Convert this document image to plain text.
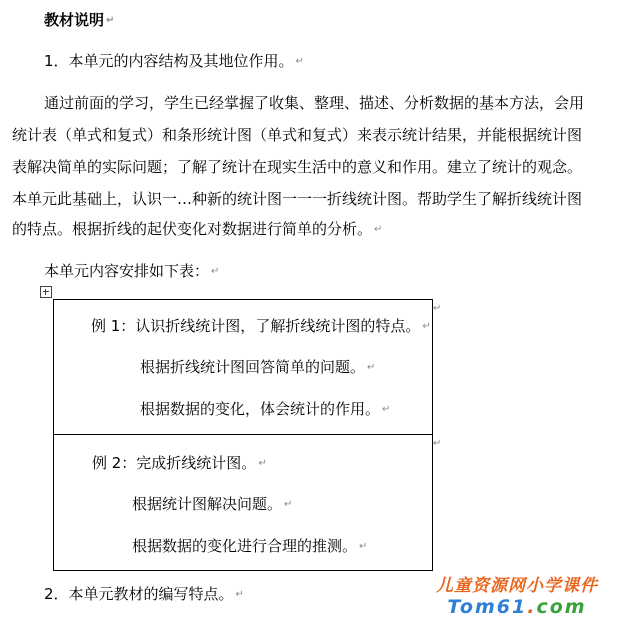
教材说明 ↵
1．本单元的内容结构及其地位作用。 ↵
通过前面的学习，学生已经掌握了收集、整理、描述、分析数据的基本方法，会用
统计表（单式和复式）和条形统计图（单式和复式）来表示统计结果，并能根据统计图
表解决简单的实际问题；了解了统计在现实生活中的意义和作用。建立了统计的观念。
本单元此基础上，认识一…种新的统计图一一一折线统计图。帮助学生了解折线统计图
的特点。根据折线的起伏变化对数据进行简单的分析。 ↵
本单元内容安排如下表： ↵
↵
↵
例 1：认识折线统计图，了解折线统计图的特点。 ↵
根据折线统计图回答简单的问题。 ↵
根据数据的变化，体会统计的作用。 ↵
例 2：完成折线统计图。 ↵
根据统计图解决问题。 ↵
根据数据的变化进行合理的推测。 ↵
2．本单元教材的编写特点。 ↵	儿童资源网小学课件
Tom61.com
